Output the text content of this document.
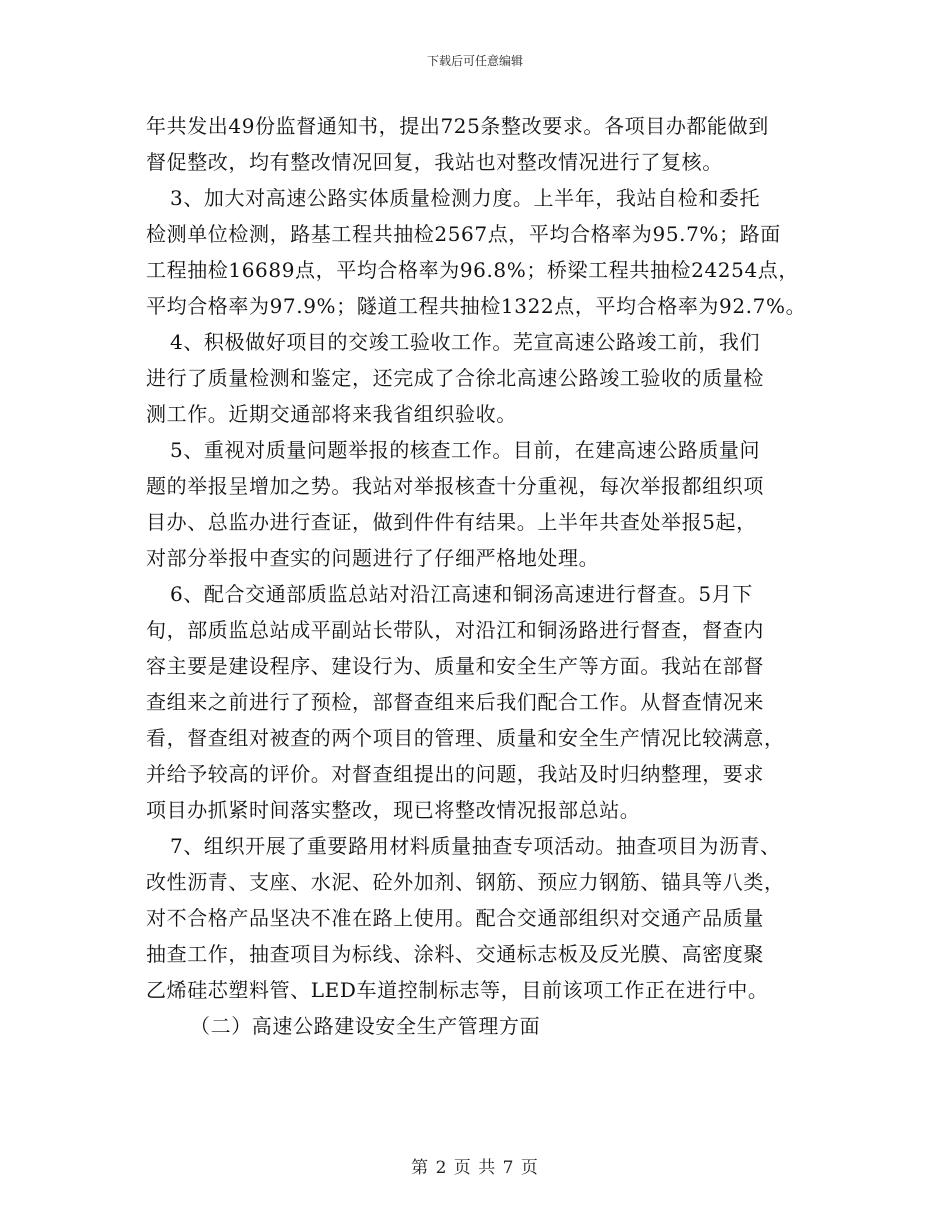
下载后可任意编辑
年共发出49份监督通知书，提出725条整改要求。各项目办都能做到
督促整改，均有整改情况回复，我站也对整改情况进行了复核。
3、加大对高速公路实体质量检测力度。上半年，我站自检和委托
检测单位检测，路基工程共抽检2567点，平均合格率为95.7%；路面
工程抽检16689点，平均合格率为96.8%；桥梁工程共抽检24254点，
平均合格率为97.9%；隧道工程共抽检1322点，平均合格率为92.7%。
4、积极做好项目的交竣工验收工作。芜宣高速公路竣工前，我们
进行了质量检测和鉴定，还完成了合徐北高速公路竣工验收的质量检
测工作。近期交通部将来我省组织验收。
5、重视对质量问题举报的核查工作。目前，在建高速公路质量问
题的举报呈增加之势。我站对举报核查十分重视，每次举报都组织项
目办、总监办进行查证，做到件件有结果。上半年共查处举报5起，
对部分举报中查实的问题进行了仔细严格地处理。
6、配合交通部质监总站对沿江高速和铜汤高速进行督查。5月下
旬，部质监总站成平副站长带队，对沿江和铜汤路进行督查，督查内
容主要是建设程序、建设行为、质量和安全生产等方面。我站在部督
查组来之前进行了预检，部督查组来后我们配合工作。从督查情况来
看，督查组对被查的两个项目的管理、质量和安全生产情况比较满意，
并给予较高的评价。对督查组提出的问题，我站及时归纳整理，要求
项目办抓紧时间落实整改，现已将整改情况报部总站。
7、组织开展了重要路用材料质量抽查专项活动。抽查项目为沥青、
改性沥青、支座、水泥、砼外加剂、钢筋、预应力钢筋、锚具等八类，
对不合格产品坚决不准在路上使用。配合交通部组织对交通产品质量
抽查工作，抽查项目为标线、涂料、交通标志板及反光膜、高密度聚
乙烯硅芯塑料管、LED车道控制标志等，目前该项工作正在进行中。
（二）高速公路建设安全生产管理方面
第 2 页 共 7 页
